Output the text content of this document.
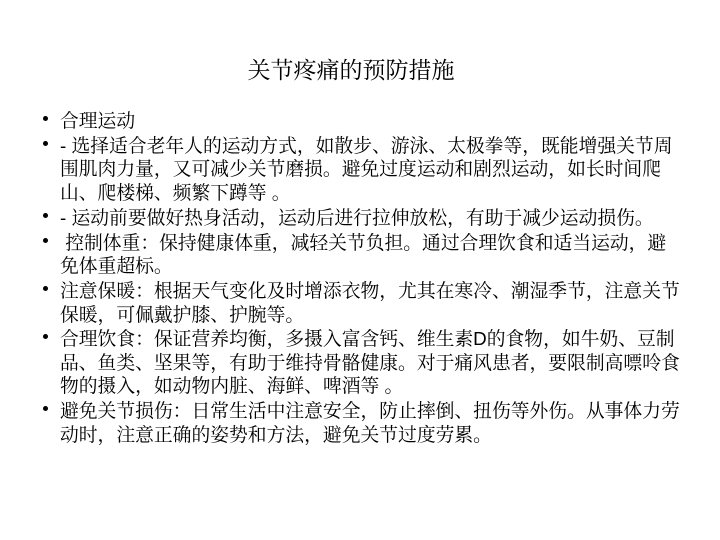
关节疼痛的预防措施
合理运动
- 选择适合老年人的运动方式，如散步、游泳、太极拳等，既能增强关节周
围肌肉力量，又可减少关节磨损。避免过度运动和剧烈运动，如长时间爬
山、爬楼梯、频繁下蹲等 。
- 运动前要做好热身活动，运动后进行拉伸放松，有助于减少运动损伤。
控制体重：保持健康体重，减轻关节负担。通过合理饮食和适当运动，避
免体重超标。
注意保暖：根据天气变化及时增添衣物，尤其在寒冷、潮湿季节，注意关节
保暖，可佩戴护膝、护腕等。
合理饮食：保证营养均衡，多摄入富含钙、维生素D的食物，如牛奶、豆制
品、鱼类、坚果等，有助于维持骨骼健康。对于痛风患者，要限制高嘌呤食
物的摄入，如动物内脏、海鲜、啤酒等 。
避免关节损伤：日常生活中注意安全，防止摔倒、扭伤等外伤。从事体力劳
动时，注意正确的姿势和方法，避免关节过度劳累。
